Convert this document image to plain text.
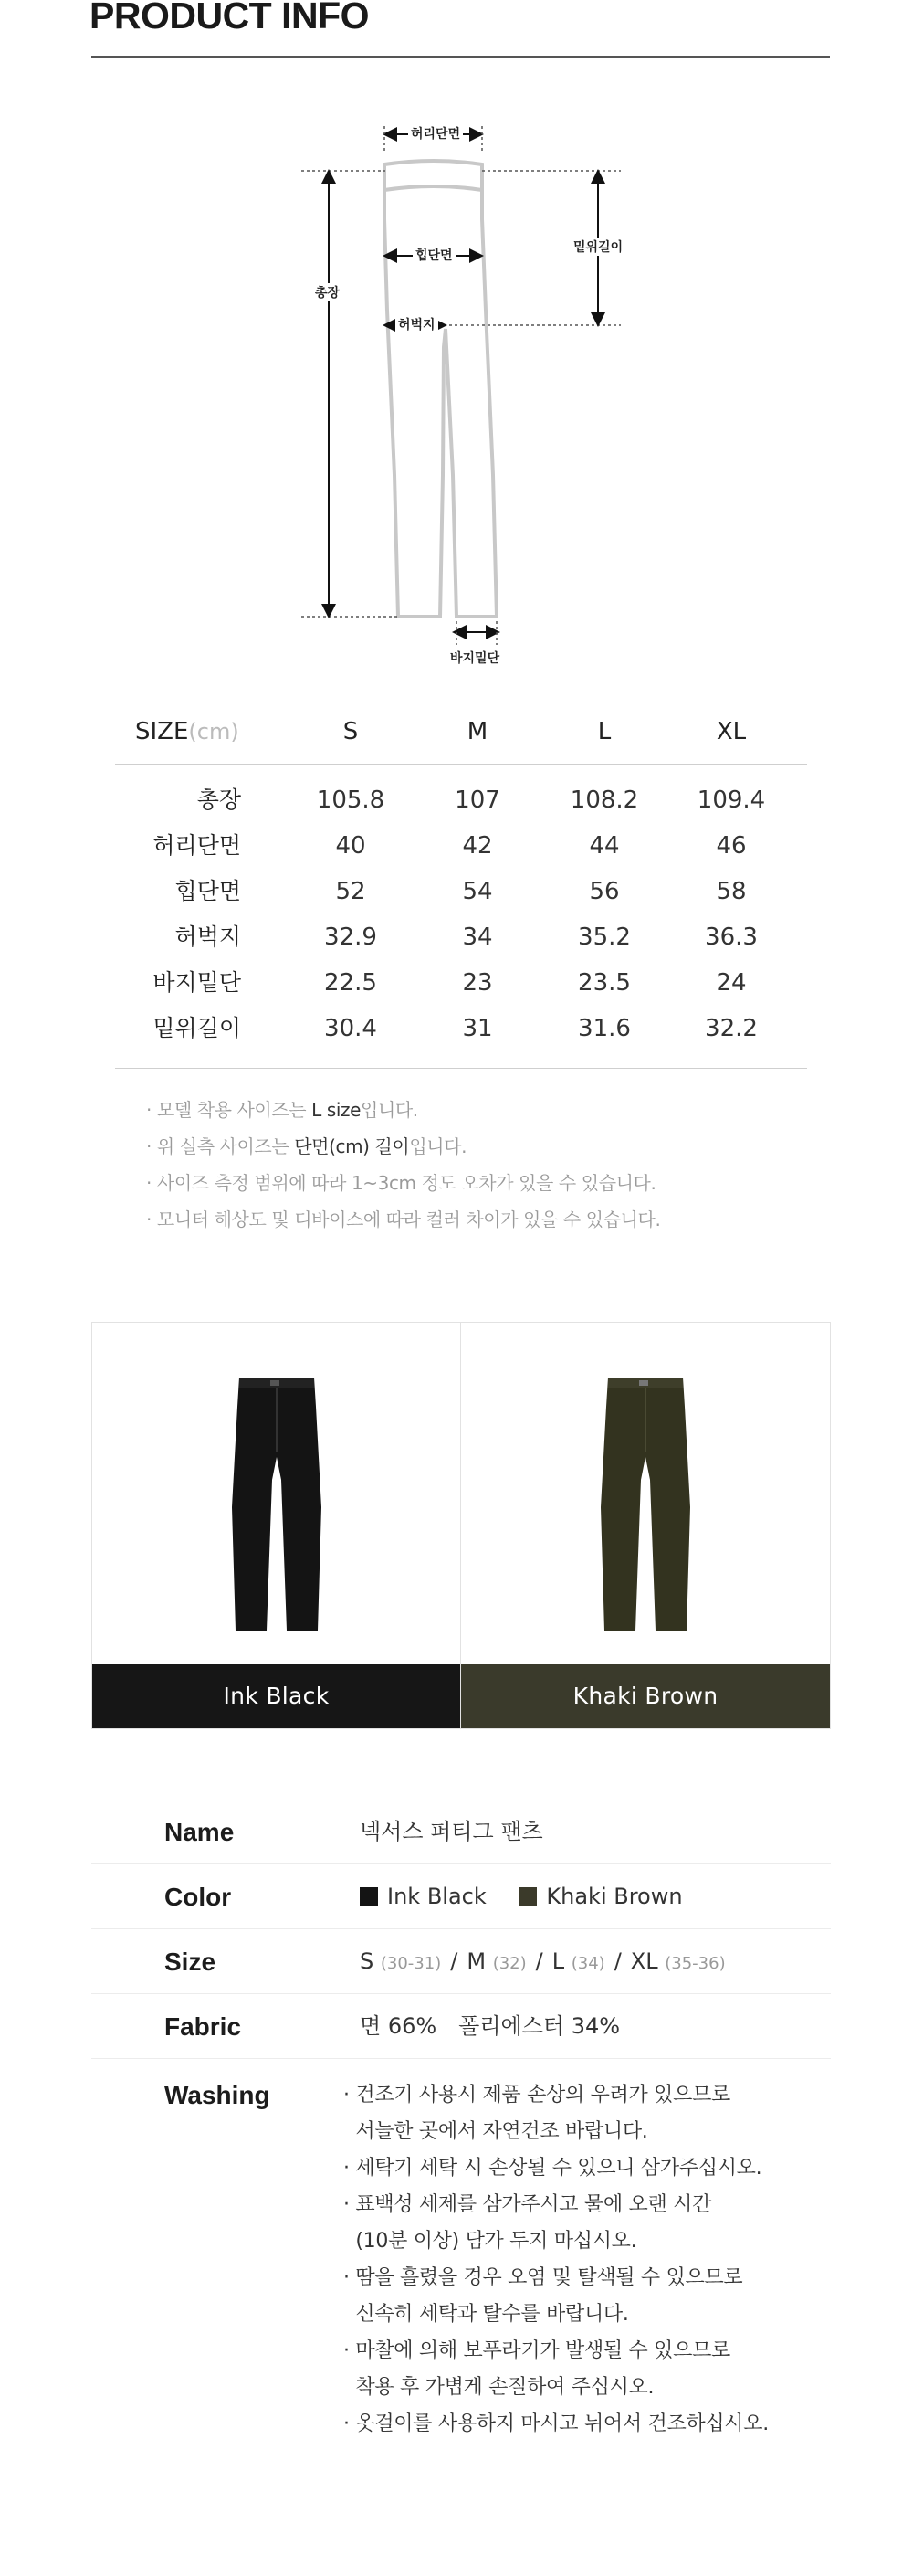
PRODUCT INFO
허리단면
힙단면
허벅지
총장
밑위길이
바지밑단
SIZE(cm)	S	M	L	XL
총장	105.8	107	108.2	109.4
허리단면	40	42	44	46
힙단면	52	54	56	58
허벅지	32.9	34	35.2	36.3
바지밑단	22.5	23	23.5	24
밑위길이	30.4	31	31.6	32.2
· 모델 착용 사이즈는 L size입니다.
· 위 실측 사이즈는 단면(cm) 길이입니다.
· 사이즈 측정 범위에 따라 1~3cm 정도 오차가 있을 수 있습니다.
· 모니터 해상도 및 디바이스에 따라 컬러 차이가 있을 수 있습니다.
Ink Black	Khaki Brown
Name	넥서스 퍼티그 팬츠
Color	Ink Black	Khaki Brown
Size	S (30-31) / M (32) / L (34) / XL (35-36)
Fabric	면 66%　폴리에스터 34%
Washing	· 건조기 사용시 제품 손상의 우려가 있으므로
서늘한 곳에서 자연건조 바랍니다.
· 세탁기 세탁 시 손상될 수 있으니 삼가주십시오.
· 표백성 세제를 삼가주시고 물에 오랜 시간
(10분 이상) 담가 두지 마십시오.
· 땀을 흘렸을 경우 오염 및 탈색될 수 있으므로
신속히 세탁과 탈수를 바랍니다.
· 마찰에 의해 보푸라기가 발생될 수 있으므로
착용 후 가볍게 손질하여 주십시오.
· 옷걸이를 사용하지 마시고 뉘어서 건조하십시오.
